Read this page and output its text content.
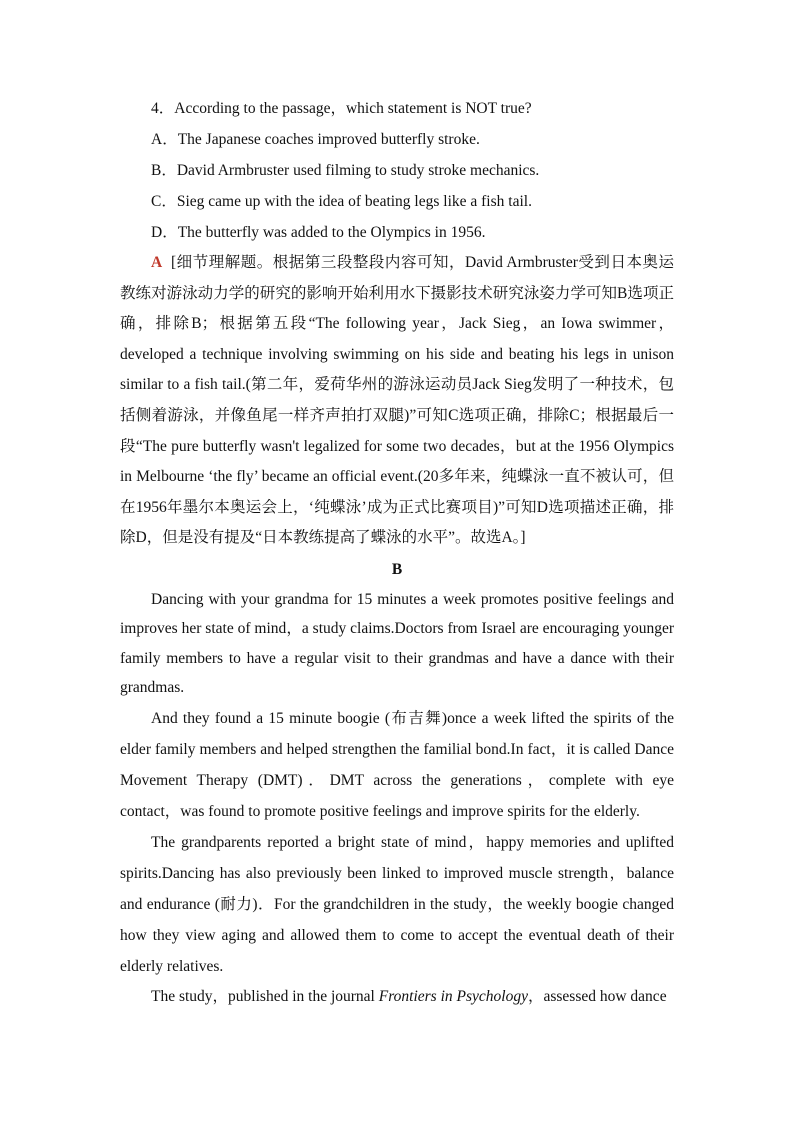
4．According to the passage，which statement is NOT true?
A．The Japanese coaches improved butterfly stroke.
B．David Armbruster used filming to study stroke mechanics.
C．Sieg came up with the idea of beating legs like a fish tail.
D．The butterfly was added to the Olympics in 1956.
A [细节理解题。根据第三段整段内容可知，David Armbruster受到日本奥运教练对游泳动力学的研究的影响开始利用水下摄影技术研究泳姿力学可知B选项正确，排除B；根据第五段“The following year，Jack Sieg，an Iowa swimmer，developed a technique involving swimming on his side and beating his legs in unison similar to a fish tail.(第二年，爱荷华州的游泳运动员Jack Sieg发明了一种技术，包括侧着游泳，并像鱼尾一样齐声拍打双腿)”可知C选项正确，排除C；根据最后一段“The pure butterfly wasn't legalized for some two decades，but at the 1956 Olympics in Melbourne ‘the fly’ became an official event.(20多年来，纯蝶泳一直不被认可，但在1956年墨尔本奥运会上，‘纯蝶泳’成为正式比赛项目)”可知D选项描述正确，排除D，但是没有提及“日本教练提高了蝶泳的水平”。故选A。]
B

Dancing with your grandma for 15 minutes a week promotes positive feelings and improves her state of mind，a study claims.Doctors from Israel are encouraging younger family members to have a regular visit to their grandmas and have a dance with their grandmas.

And they found a 15 minute boogie (布吉舞)once a week lifted the spirits of the elder family members and helped strengthen the familial bond.In fact，it is called Dance Movement Therapy (DMT)．DMT across the generations，complete with eye contact，was found to promote positive feelings and improve spirits for the elderly.

The grandparents reported a bright state of mind，happy memories and uplifted spirits.Dancing has also previously been linked to improved muscle strength，balance and endurance (耐力)．For the grandchildren in the study，the weekly boogie changed how they view aging and allowed them to come to accept the eventual death of their elderly relatives.

The study，published in the journal Frontiers in Psychology，assessed how dance
